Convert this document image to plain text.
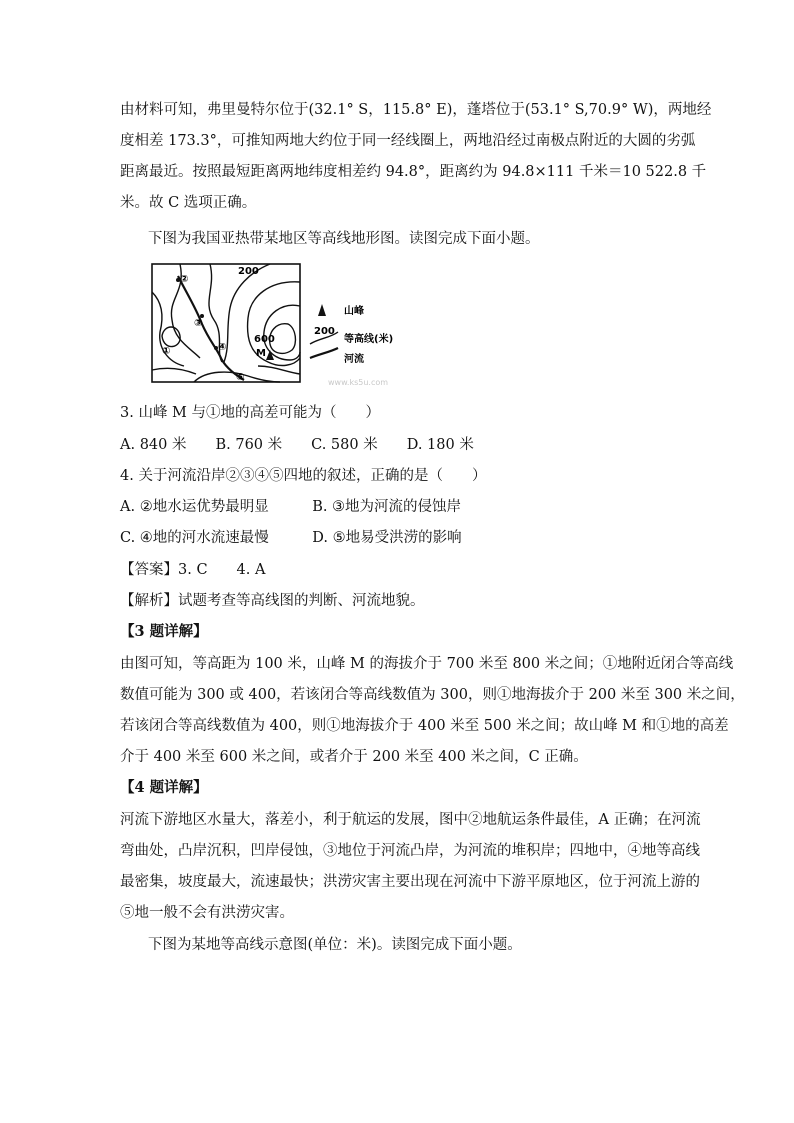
由材料可知，弗里曼特尔位于(32.1° S，115.8° E)，蓬塔位于(53.1° S,70.9° W)，两地经
度相差 173.3°，可推知两地大约位于同一经线圈上，两地沿经过南极点附近的大圆的劣弧
距离最近。按照最短距离两地纬度相差约 94.8°，距离约为 94.8×111 千米＝10 522.8 千
米。故 C 选项正确。
下图为我国亚热带某地区等高线地形图。读图完成下面小题。
200
600
M
①
②
③
④
⑤
山峰
200
等高线(米)
河流
www.ks5u.com
3. 山峰 M 与①地的高差可能为（　　）
A. 840 米　　B. 760 米　　C. 580 米　　D. 180 米
4. 关于河流沿岸②③④⑤四地的叙述，正确的是（　　）
A. ②地水运优势最明显　　　B. ③地为河流的侵蚀岸
C. ④地的河水流速最慢　　　D. ⑤地易受洪涝的影响
【答案】3. C　　4. A
【解析】试题考查等高线图的判断、河流地貌。
【3 题详解】
由图可知，等高距为 100 米，山峰 M 的海拔介于 700 米至 800 米之间；①地附近闭合等高线
数值可能为 300 或 400，若该闭合等高线数值为 300，则①地海拔介于 200 米至 300 米之间，
若该闭合等高线数值为 400，则①地海拔介于 400 米至 500 米之间；故山峰 M 和①地的高差
介于 400 米至 600 米之间，或者介于 200 米至 400 米之间，C 正确。
【4 题详解】
河流下游地区水量大，落差小，利于航运的发展，图中②地航运条件最佳，A 正确；在河流
弯曲处，凸岸沉积，凹岸侵蚀，③地位于河流凸岸，为河流的堆积岸；四地中，④地等高线
最密集，坡度最大，流速最快；洪涝灾害主要出现在河流中下游平原地区，位于河流上游的
⑤地一般不会有洪涝灾害。
下图为某地等高线示意图(单位：米)。读图完成下面小题。
